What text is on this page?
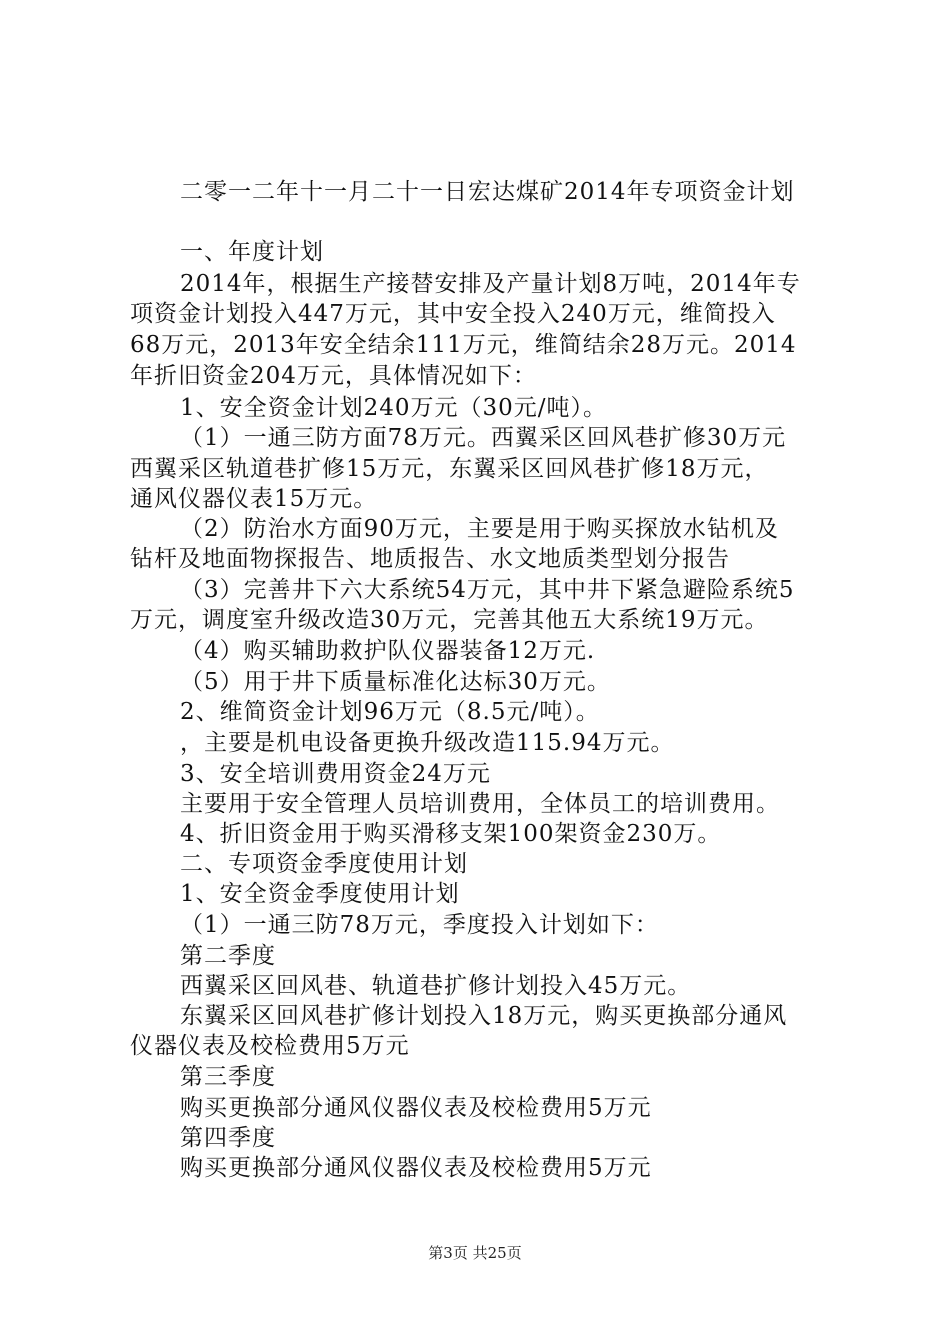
二零一二年十一月二十一日宏达煤矿2014年专项资金计划
一、年度计划
2014年，根据生产接替安排及产量计划8万吨，2014年专
项资金计划投入447万元，其中安全投入240万元，维简投入
68万元，2013年安全结余111万元，维简结余28万元。2014
年折旧资金204万元，具体情况如下：
1、安全资金计划240万元（30元/吨）。
（1）一通三防方面78万元。西翼采区回风巷扩修30万元
西翼采区轨道巷扩修15万元，东翼采区回风巷扩修18万元，
通风仪器仪表15万元。
（2）防治水方面90万元，主要是用于购买探放水钻机及
钻杆及地面物探报告、地质报告、水文地质类型划分报告
（3）完善井下六大系统54万元，其中井下紧急避险系统5
万元，调度室升级改造30万元，完善其他五大系统19万元。
（4）购买辅助救护队仪器装备12万元.
（5）用于井下质量标准化达标30万元。
2、维简资金计划96万元（8.5元/吨）。
，主要是机电设备更换升级改造115.94万元。
3、安全培训费用资金24万元
主要用于安全管理人员培训费用，全体员工的培训费用。
4、折旧资金用于购买滑移支架100架资金230万。
二、专项资金季度使用计划
1、安全资金季度使用计划
（1）一通三防78万元，季度投入计划如下：
第二季度
西翼采区回风巷、轨道巷扩修计划投入45万元。
东翼采区回风巷扩修计划投入18万元，购买更换部分通风
仪器仪表及校检费用5万元
第三季度
购买更换部分通风仪器仪表及校检费用5万元
第四季度
购买更换部分通风仪器仪表及校检费用5万元
第3页 共25页
